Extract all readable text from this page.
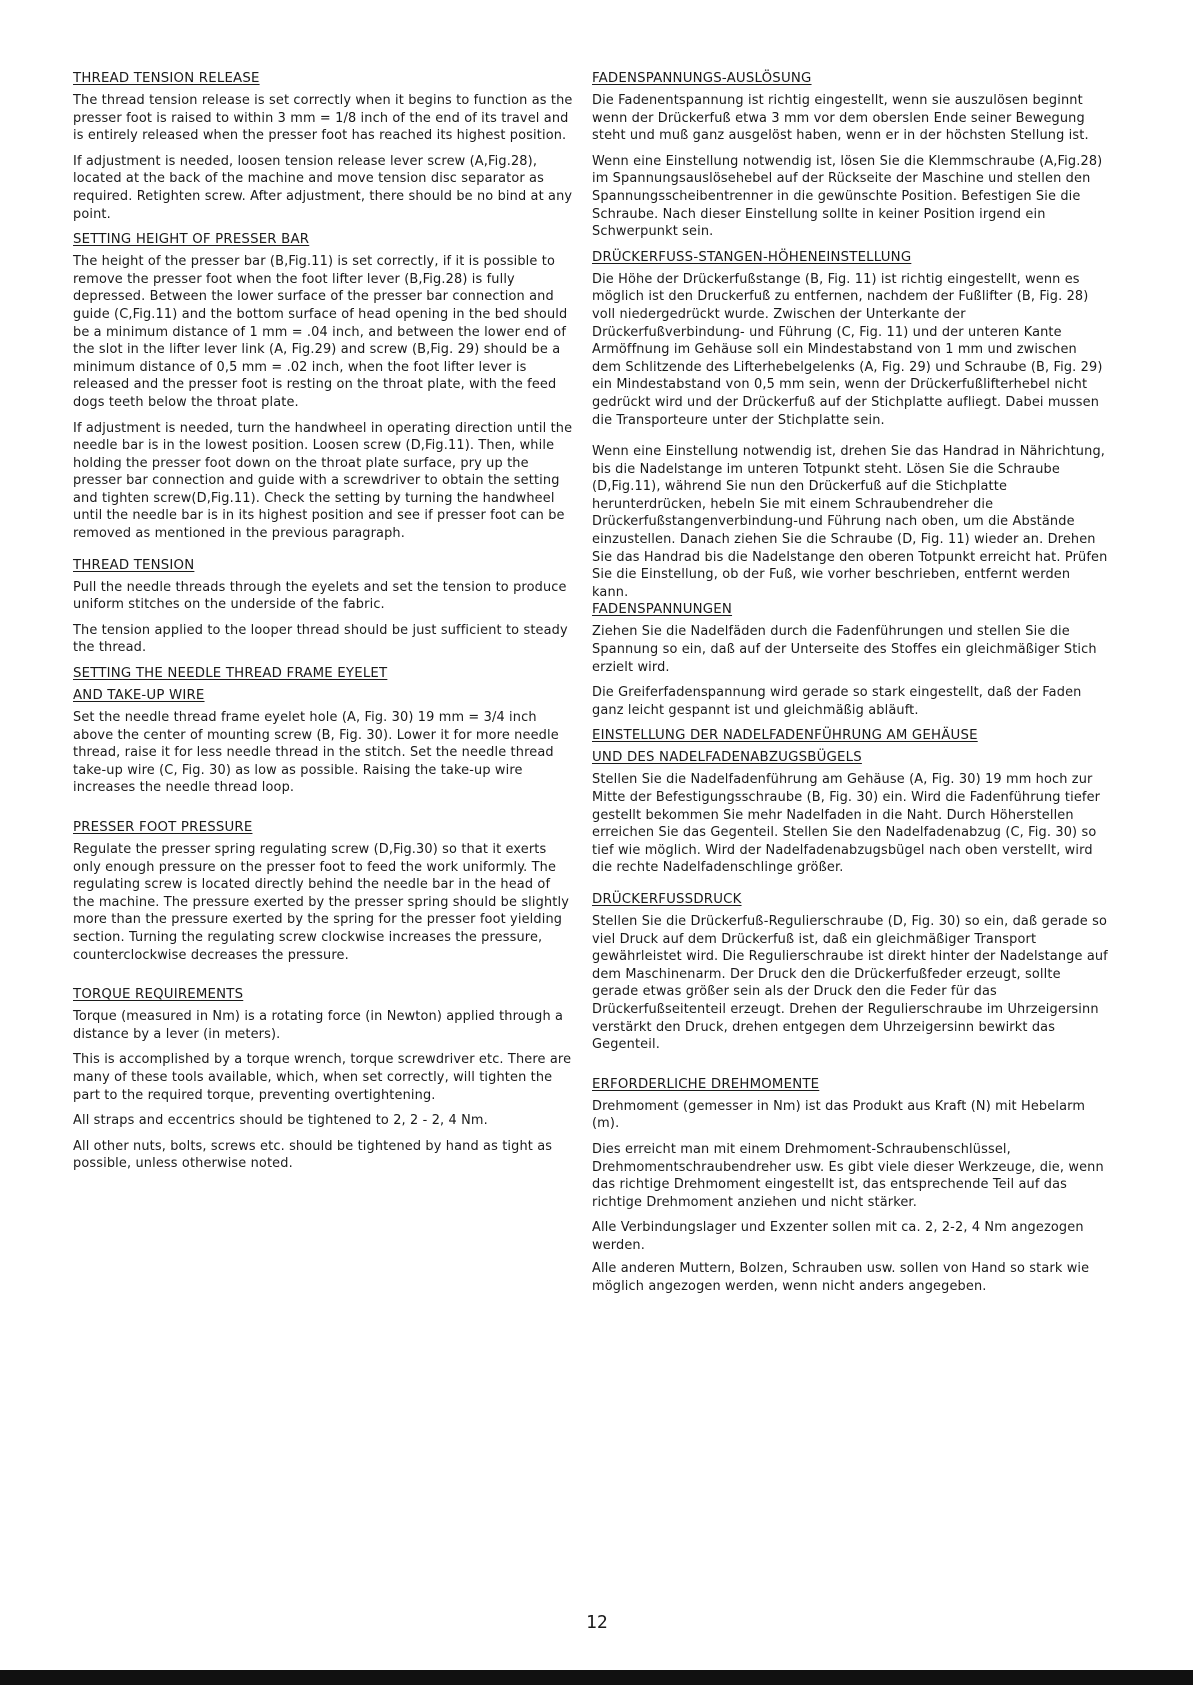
THREAD TENSION RELEASE

The thread tension release is set correctly when it begins to function as the presser foot is raised to within 3 mm = 1/8 inch of the end of its travel and is entirely released when the presser foot has reached its highest position.

If adjustment is needed, loosen tension release lever screw (A,Fig.28), located at the back of the machine and move tension disc separator as required. Retighten screw. After adjustment, there should be no bind at any point.

SETTING HEIGHT OF PRESSER BAR

The height of the presser bar (B,Fig.11) is set correctly, if it is possible to remove the presser foot when the foot lifter lever (B,Fig.28) is fully depressed. Between the lower surface of the presser bar connection and guide (C,Fig.11) and the bottom surface of head opening in the bed should be a minimum distance of 1 mm = .04 inch, and between the lower end of the slot in the lifter lever link (A, Fig.29) and screw (B,Fig. 29) should be a minimum distance of 0,5 mm = .02 inch, when the foot lifter lever is released and the presser foot is resting on the throat plate, with the feed dogs teeth below the throat plate.

If adjustment is needed, turn the handwheel in operating direction until the needle bar is in the lowest position. Loosen screw (D,Fig.11). Then, while holding the presser foot down on the throat plate surface, pry up the presser bar connection and guide with a screwdriver to obtain the setting and tighten screw(D,Fig.11). Check the setting by turning the handwheel until the needle bar is in its highest position and see if presser foot can be removed as mentioned in the previous paragraph.

THREAD TENSION

Pull the needle threads through the eyelets and set the tension to produce uniform stitches on the underside of the fabric.

The tension applied to the looper thread should be just sufficient to steady the thread.

SETTING THE NEEDLE THREAD FRAME EYELET
AND TAKE-UP WIRE

Set the needle thread frame eyelet hole (A, Fig. 30) 19 mm = 3/4 inch above the center of mounting screw (B, Fig. 30). Lower it for more needle thread, raise it for less needle thread in the stitch. Set the needle thread take-up wire (C, Fig. 30) as low as possible. Raising the take-up wire increases the needle thread loop.

PRESSER FOOT PRESSURE

Regulate the presser spring regulating screw (D,Fig.30) so that it exerts only enough pressure on the presser foot to feed the work uniformly. The regulating screw is located directly behind the needle bar in the head of the machine. The pressure exerted by the presser spring should be slightly more than the pressure exerted by the spring for the presser foot yielding section. Turning the regulating screw clockwise increases the pressure, counterclockwise decreases the pressure.

TORQUE REQUIREMENTS

Torque (measured in Nm) is a rotating force (in Newton) applied through a distance by a lever (in meters).

This is accomplished by a torque wrench, torque screwdriver etc. There are many of these tools available, which, when set correctly, will tighten the part to the required torque, preventing overtightening.

All straps and eccentrics should be tightened to 2, 2 - 2, 4 Nm.

All other nuts, bolts, screws etc. should be tightened by hand as tight as possible, unless otherwise noted.

FADENSPANNUNGS-AUSLÖSUNG

Die Fadenentspannung ist richtig eingestellt, wenn sie auszulösen beginnt wenn der Drückerfuß etwa 3 mm vor dem oberslen Ende seiner Bewegung steht und muß ganz ausgelöst haben, wenn er in der höchsten Stellung ist.

Wenn eine Einstellung notwendig ist, lösen Sie die Klemmschraube (A,Fig.28) im Spannungsauslösehebel auf der Rückseite der Maschine und stellen den Spannungsscheibentrenner in die gewünschte Position. Befestigen Sie die Schraube. Nach dieser Einstellung sollte in keiner Position irgend ein Schwerpunkt sein.

DRÜCKERFUSS-STANGEN-HÖHENEINSTELLUNG

Die Höhe der Drückerfußstange (B, Fig. 11) ist richtig eingestellt, wenn es möglich ist den Druckerfuß zu entfernen, nachdem der Fußlifter (B, Fig. 28) voll niedergedrückt wurde. Zwischen der Unterkante der Drückerfußverbindung- und Führung (C, Fig. 11) und der unteren Kante Armöffnung im Gehäuse soll ein Mindestabstand von 1 mm und zwischen dem Schlitzende des Lifterhebelgelenks (A, Fig. 29) und Schraube (B, Fig. 29) ein Mindestabstand von 0,5 mm sein, wenn der Drückerfußlifterhebel nicht gedrückt wird und der Drückerfuß auf der Stichplatte aufliegt. Dabei mussen die Transporteure unter der Stichplatte sein.

Wenn eine Einstellung notwendig ist, drehen Sie das Handrad in Nährichtung, bis die Nadelstange im unteren Totpunkt steht. Lösen Sie die Schraube (D,Fig.11), während Sie nun den Drückerfuß auf die Stichplatte herunterdrücken, hebeln Sie mit einem Schraubendreher die Drückerfußstangenverbindung-und Führung nach oben, um die Abstände einzustellen. Danach ziehen Sie die Schraube (D, Fig. 11) wieder an. Drehen Sie das Handrad bis die Nadelstange den oberen Totpunkt erreicht hat. Prüfen Sie die Einstellung, ob der Fuß, wie vorher beschrieben, entfernt werden kann.

FADENSPANNUNGEN

Ziehen Sie die Nadelfäden durch die Fadenführungen und stellen Sie die Spannung so ein, daß auf der Unterseite des Stoffes ein gleichmäßiger Stich erzielt wird.

Die Greiferfadenspannung wird gerade so stark eingestellt, daß der Faden ganz leicht gespannt ist und gleichmäßig abläuft.

EINSTELLUNG DER NADELFADENFÜHRUNG AM GEHÄUSE
UND DES NADELFADENABZUGSBÜGELS

Stellen Sie die Nadelfadenführung am Gehäuse (A, Fig. 30) 19 mm hoch zur Mitte der Befestigungsschraube (B, Fig. 30) ein. Wird die Fadenführung tiefer gestellt bekommen Sie mehr Nadelfaden in die Naht. Durch Höherstellen erreichen Sie das Gegenteil. Stellen Sie den Nadelfadenabzug (C, Fig. 30) so tief wie möglich. Wird der Nadelfadenabzugsbügel nach oben verstellt, wird die rechte Nadelfadenschlinge größer.

DRÜCKERFUSSDRUCK

Stellen Sie die Drückerfuß-Regulierschraube (D, Fig. 30) so ein, daß gerade so viel Druck auf dem Drückerfuß ist, daß ein gleichmäßiger Transport gewährleistet wird. Die Regulierschraube ist direkt hinter der Nadelstange auf dem Maschinenarm. Der Druck den die Drückerfußfeder erzeugt, sollte gerade etwas größer sein als der Druck den die Feder für das Drückerfußseitenteil erzeugt. Drehen der Regulierschraube im Uhrzeigersinn verstärkt den Druck, drehen entgegen dem Uhrzeigersinn bewirkt das Gegenteil.

ERFORDERLICHE DREHMOMENTE

Drehmoment (gemesser in Nm) ist das Produkt aus Kraft (N) mit Hebelarm (m).

Dies erreicht man mit einem Drehmoment-Schraubenschlüssel, Drehmomentschraubendreher usw. Es gibt viele dieser Werkzeuge, die, wenn das richtige Drehmoment eingestellt ist, das entsprechende Teil auf das richtige Drehmoment anziehen und nicht stärker.

Alle Verbindungslager und Exzenter sollen mit ca. 2, 2-2, 4 Nm angezogen werden.

Alle anderen Muttern, Bolzen, Schrauben usw. sollen von Hand so stark wie möglich angezogen werden, wenn nicht anders angegeben.

12
